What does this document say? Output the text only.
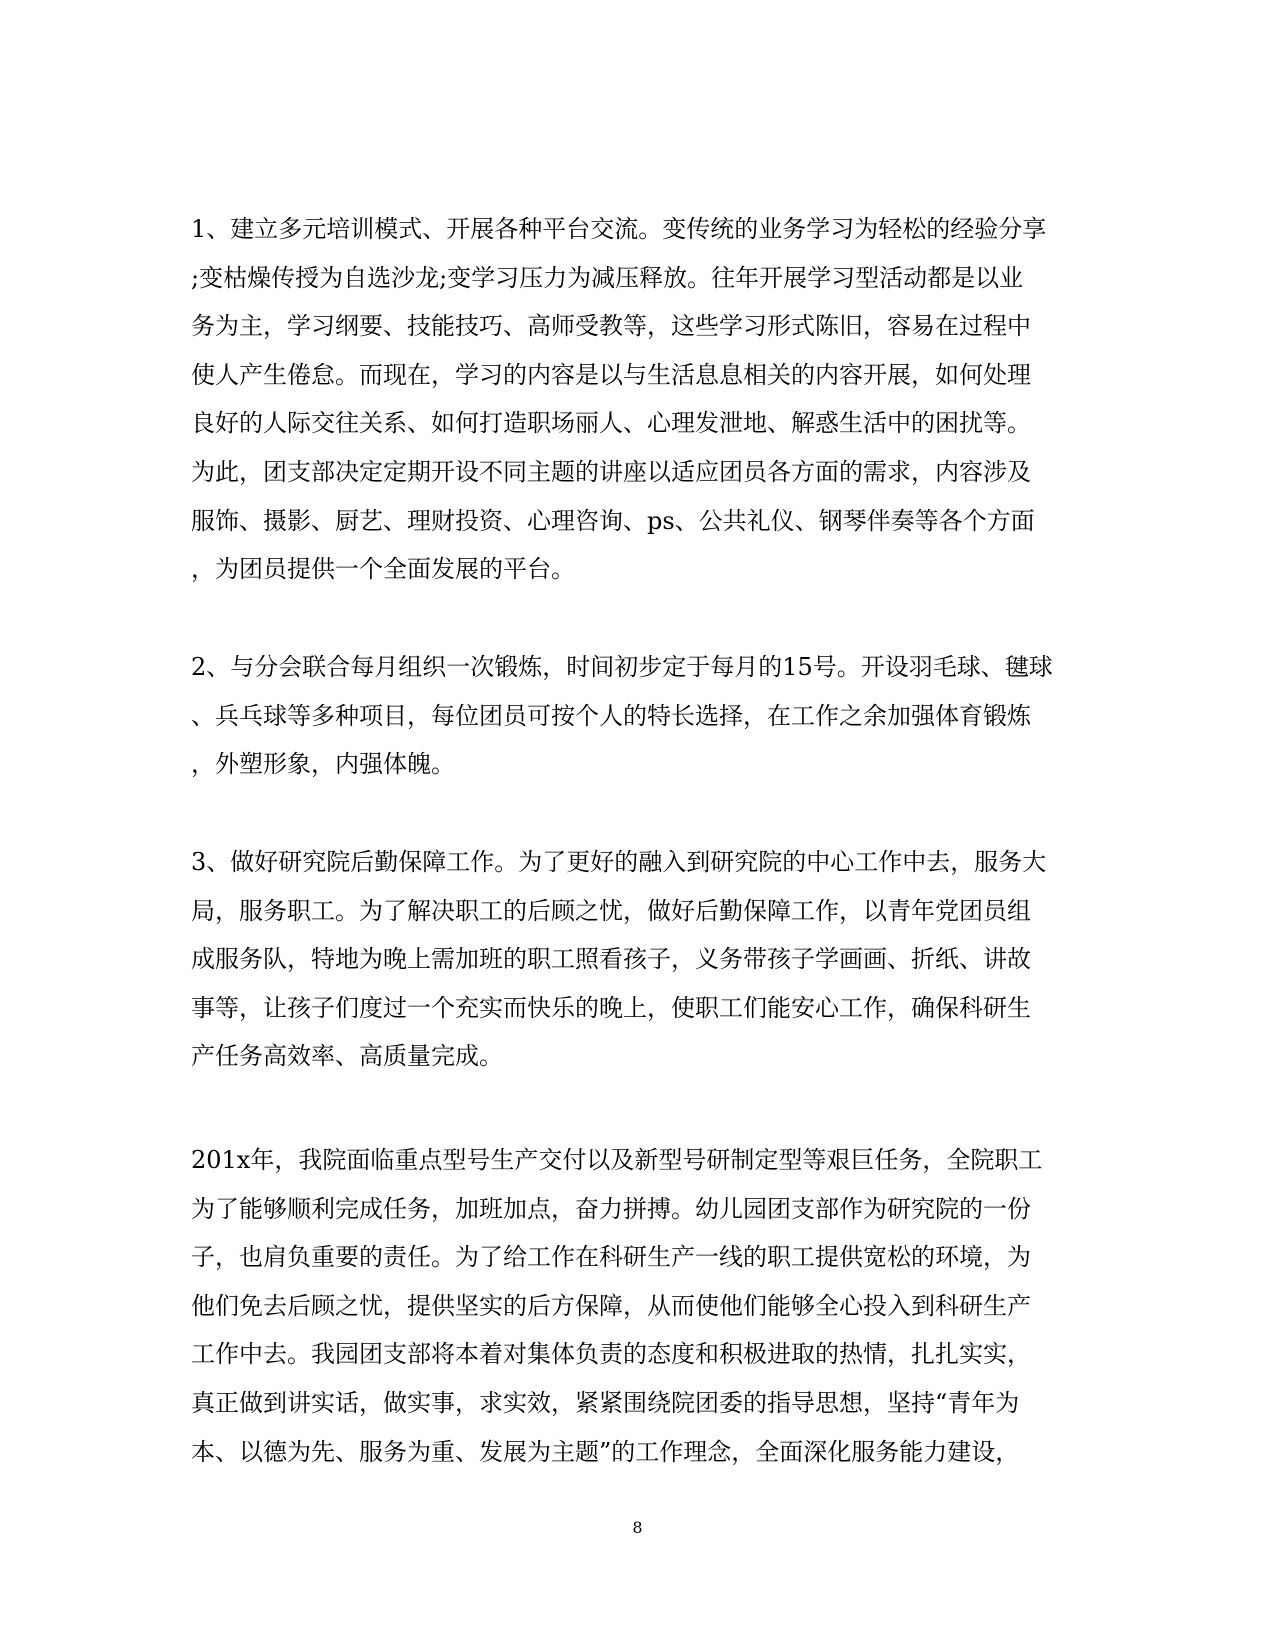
1、建立多元培训模式、开展各种平台交流。变传统的业务学习为轻松的经验分享
;变枯燥传授为自选沙龙;变学习压力为减压释放。往年开展学习型活动都是以业
务为主，学习纲要、技能技巧、高师受教等，这些学习形式陈旧，容易在过程中
使人产生倦怠。而现在，学习的内容是以与生活息息相关的内容开展，如何处理
良好的人际交往关系、如何打造职场丽人、心理发泄地、解惑生活中的困扰等。
为此，团支部决定定期开设不同主题的讲座以适应团员各方面的需求，内容涉及
服饰、摄影、厨艺、理财投资、心理咨询、ps、公共礼仪、钢琴伴奏等各个方面
，为团员提供一个全面发展的平台。
2、与分会联合每月组织一次锻炼，时间初步定于每月的15号。开设羽毛球、毽球
、兵乓球等多种项目，每位团员可按个人的特长选择，在工作之余加强体育锻炼
，外塑形象，内强体魄。
3、做好研究院后勤保障工作。为了更好的融入到研究院的中心工作中去，服务大
局，服务职工。为了解决职工的后顾之忧，做好后勤保障工作，以青年党团员组
成服务队，特地为晚上需加班的职工照看孩子，义务带孩子学画画、折纸、讲故
事等，让孩子们度过一个充实而快乐的晚上，使职工们能安心工作，确保科研生
产任务高效率、高质量完成。
201x年，我院面临重点型号生产交付以及新型号研制定型等艰巨任务，全院职工
为了能够顺利完成任务，加班加点，奋力拼搏。幼儿园团支部作为研究院的一份
子，也肩负重要的责任。为了给工作在科研生产一线的职工提供宽松的环境，为
他们免去后顾之忧，提供坚实的后方保障，从而使他们能够全心投入到科研生产
工作中去。我园团支部将本着对集体负责的态度和积极进取的热情，扎扎实实，
真正做到讲实话，做实事，求实效，紧紧围绕院团委的指导思想，坚持“青年为
本、以德为先、服务为重、发展为主题”的工作理念，全面深化服务能力建设，
8
